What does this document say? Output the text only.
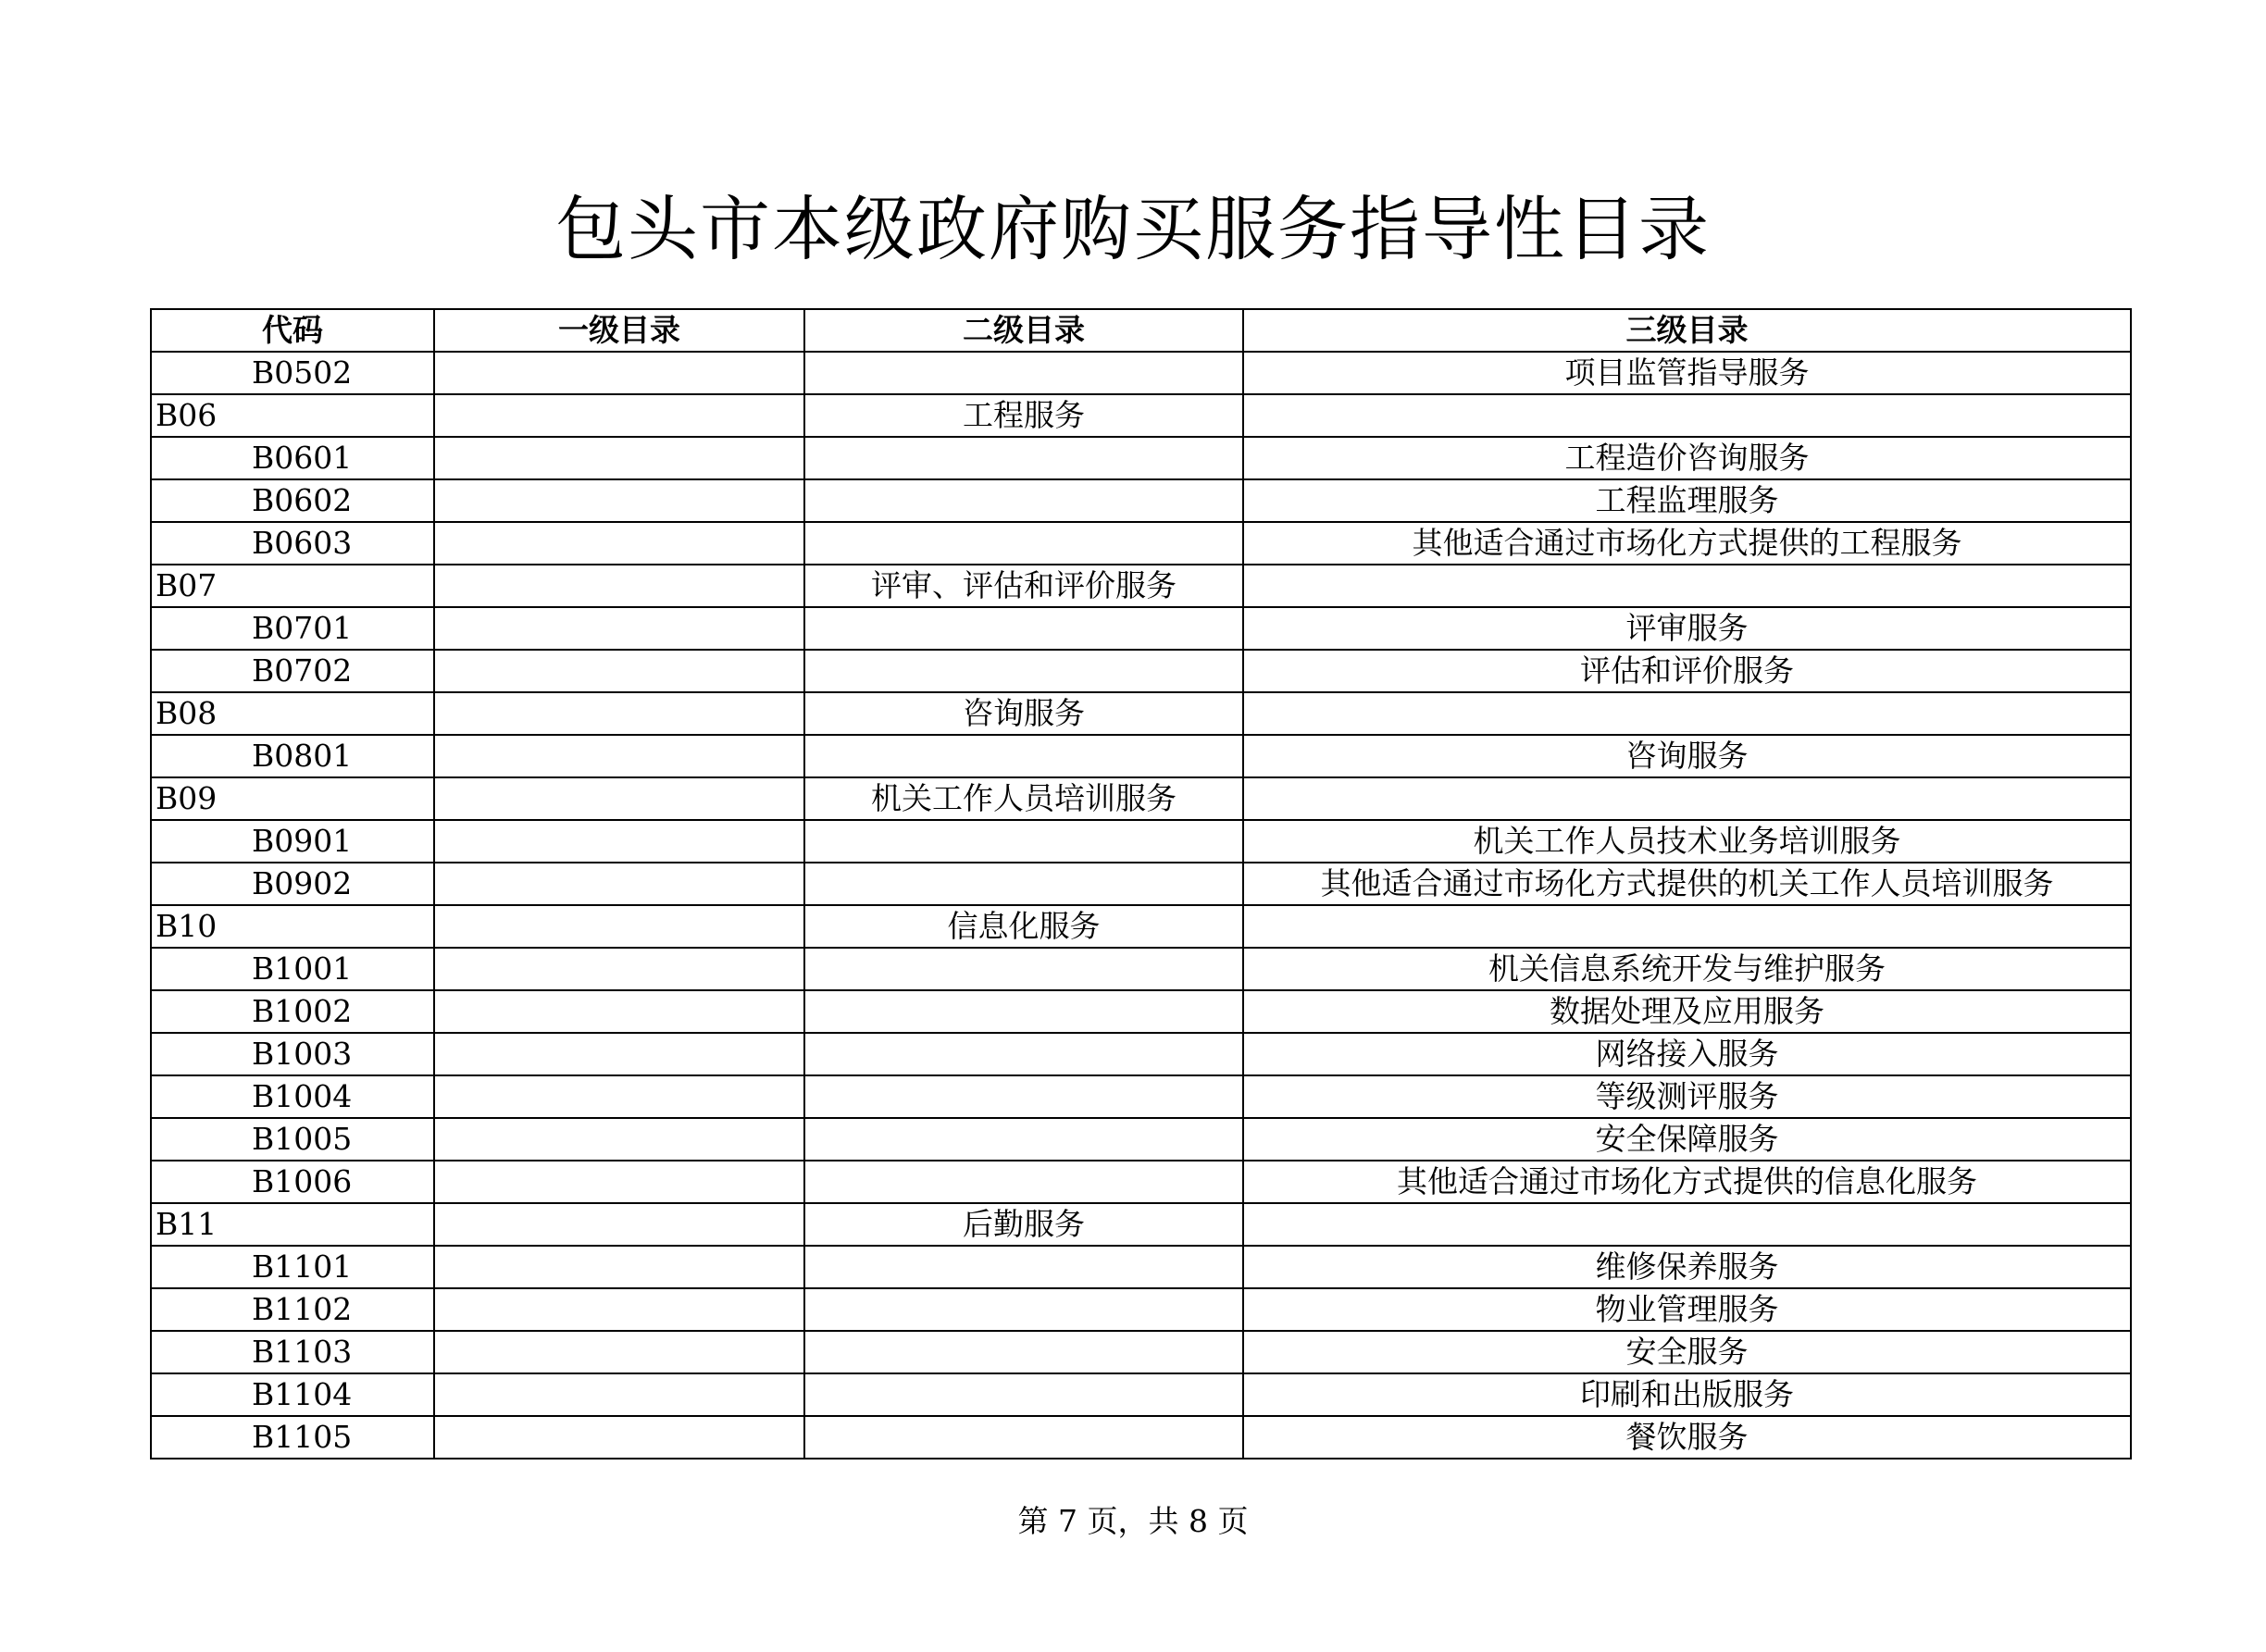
包头市本级政府购买服务指导性目录
代码	一级目录	二级目录	三级目录
B0502			项目监管指导服务
B06		工程服务	
B0601			工程造价咨询服务
B0602			工程监理服务
B0603			其他适合通过市场化方式提供的工程服务
B07		评审、评估和评价服务	
B0701			评审服务
B0702			评估和评价服务
B08		咨询服务	
B0801			咨询服务
B09		机关工作人员培训服务	
B0901			机关工作人员技术业务培训服务
B0902			其他适合通过市场化方式提供的机关工作人员培训服务
B10		信息化服务	
B1001			机关信息系统开发与维护服务
B1002			数据处理及应用服务
B1003			网络接入服务
B1004			等级测评服务
B1005			安全保障服务
B1006			其他适合通过市场化方式提供的信息化服务
B11		后勤服务	
B1101			维修保养服务
B1102			物业管理服务
B1103			安全服务
B1104			印刷和出版服务
B1105			餐饮服务
第 7 页，共 8 页
